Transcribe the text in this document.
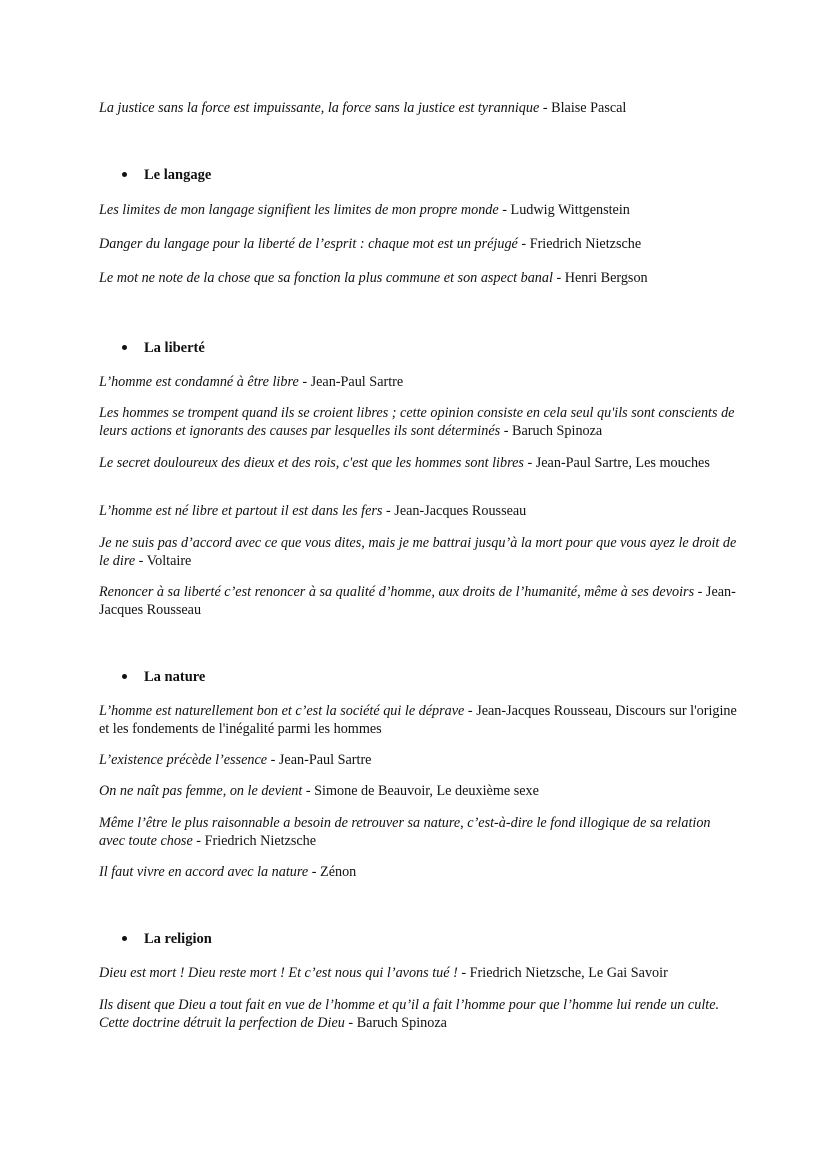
La justice sans la force est impuissante, la force sans la justice est tyrannique - Blaise Pascal

Le langage

Les limites de mon langage signifient les limites de mon propre monde - Ludwig Wittgenstein

Danger du langage pour la liberté de l’esprit : chaque mot est un préjugé - Friedrich Nietzsche

Le mot ne note de la chose que sa fonction la plus commune et son aspect banal - Henri Bergson

La liberté

L’homme est condamné à être libre - Jean-Paul Sartre

Les hommes se trompent quand ils se croient libres ; cette opinion consiste en cela seul qu'ils sont conscients de leurs actions et ignorants des causes par lesquelles ils sont déterminés - Baruch Spinoza

Le secret douloureux des dieux et des rois, c'est que les hommes sont libres - Jean-Paul Sartre, Les mouches

L’homme est né libre et partout il est dans les fers - Jean-Jacques Rousseau

Je ne suis pas d’accord avec ce que vous dites, mais je me battrai jusqu’à la mort pour que vous ayez le droit de le dire - Voltaire

Renoncer à sa liberté c’est renoncer à sa qualité d’homme, aux droits de l’humanité, même à ses devoirs - Jean-Jacques Rousseau

La nature

L’homme est naturellement bon et c’est la société qui le déprave - Jean-Jacques Rousseau, Discours sur l'origine et les fondements de l'inégalité parmi les hommes

L’existence précède l’essence - Jean-Paul Sartre

On ne naît pas femme, on le devient - Simone de Beauvoir, Le deuxième sexe

Même l’être le plus raisonnable a besoin de retrouver sa nature, c’est-à-dire le fond illogique de sa relation avec toute chose - Friedrich Nietzsche

Il faut vivre en accord avec la nature - Zénon

La religion

Dieu est mort ! Dieu reste mort ! Et c’est nous qui l’avons tué ! - Friedrich Nietzsche, Le Gai Savoir

Ils disent que Dieu a tout fait en vue de l’homme et qu’il a fait l’homme pour que l’homme lui rende un culte. Cette doctrine détruit la perfection de Dieu - Baruch Spinoza
